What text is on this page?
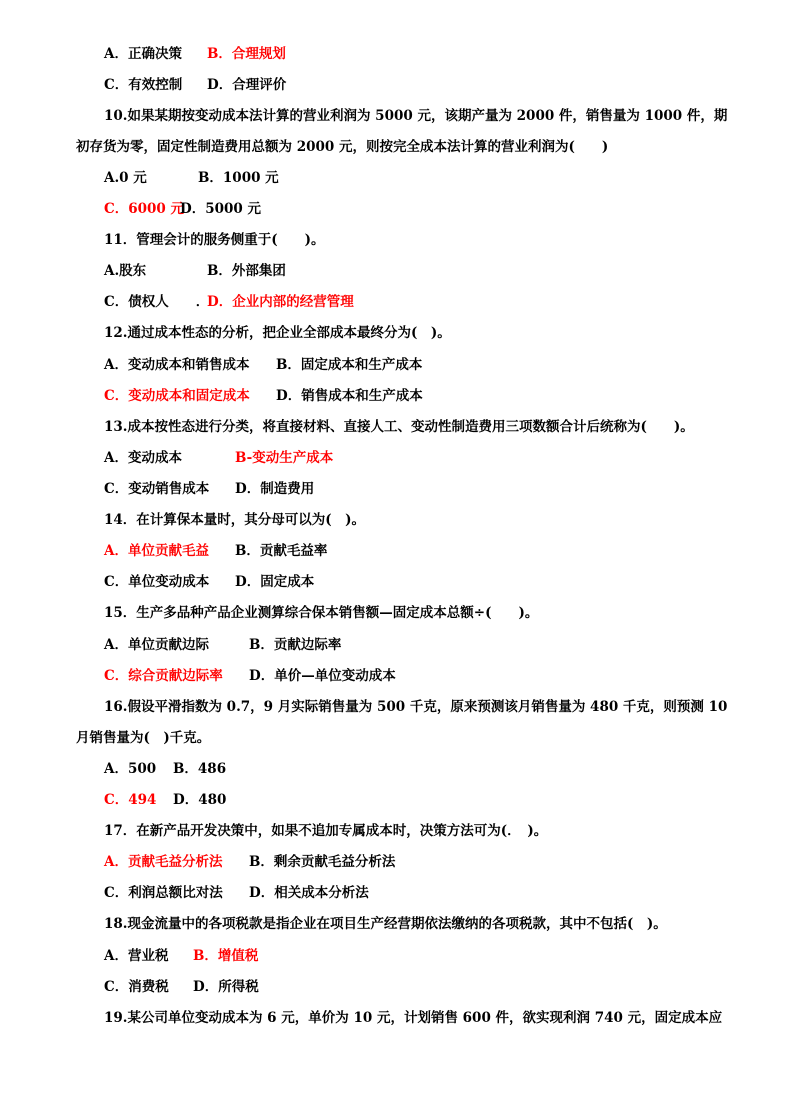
A．正确决策 B．合理规划
C．有效控制 D．合理评价
10.如果某期按变动成本法计算的营业利润为 5000 元，该期产量为 2000 件，销售量为 1000 件，期
初存货为零，固定性制造费用总额为 2000 元，则按完全成本法计算的营业利润为(　　)
A.0 元	B．1000 元
C．6000 元
D．5000 元
11．管理会计的服务侧重于(　　)。
A.股东	B．外部集团
C．债权人　　．
D．企业内部的经营管理
12.通过成本性态的分析，把企业全部成本最终分为(　)。
A．变动成本和销售成本 B．固定成本和生产成本
C．变动成本和固定成本 D．销售成本和生产成本
13.成本按性态进行分类，将直接材料、直接人工、变动性制造费用三项数额合计后统称为(　　)。
A．变动成本	B-变动生产成本
C．变动销售成本 D．制造费用
14．在计算保本量时，其分母可以为(　)。
A．单位贡献毛益 B．贡献毛益率
C．单位变动成本 D．固定成本
15．生产多品种产品企业测算综合保本销售额—固定成本总额÷(　　)。
A．单位贡献边际	B．贡献边际率
C．综合贡献边际率 D．单价—单位变动成本
16.假设平滑指数为 0.7，9 月实际销售量为 500 千克，原来预测该月销售量为 480 千克，则预测 10
月销售量为(　)千克。
A．500 B．486
C．494 D．480
17．在新产品开发决策中，如果不追加专属成本时，决策方法可为(．　)。
A．贡献毛益分析法 B．剩余贡献毛益分析法
C．利润总额比对法 D．相关成本分析法
18.现金流量中的各项税款是指企业在项目生产经营期依法缴纳的各项税款，其中不包括(　)。
A．营业税 B．增值税
C．消费税 D．所得税
19.某公司单位变动成本为 6 元，单价为 10 元，计划销售 600 件，欲实现利润 740 元，固定成本应
